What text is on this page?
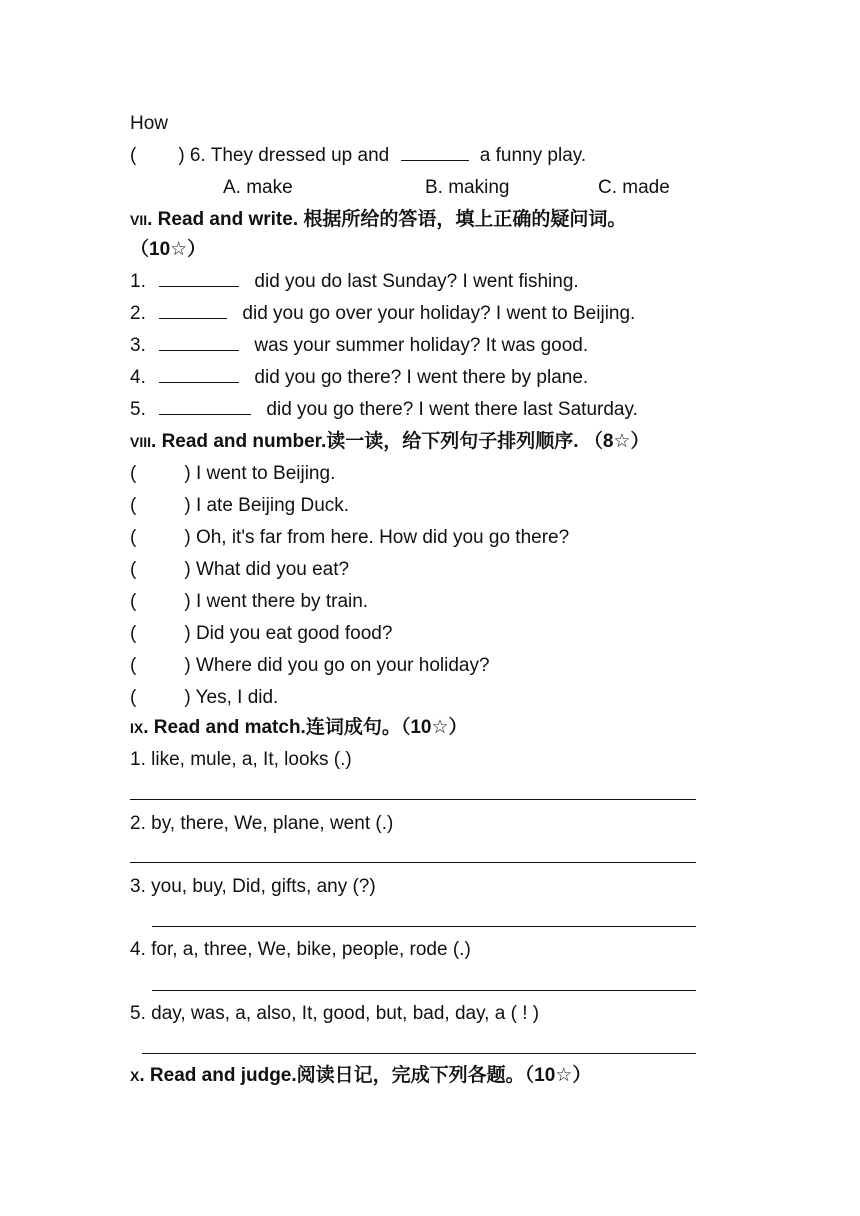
How
( ) 6. They dressed up and	a funny play.
A. make	B. making	C. made
VII. Read and write. 根据所给的答语，填上正确的疑问词。
（10☆）
1.	did you do last Sunday? I went fishing.
2.	did you go over your holiday? I went to Beijing.
3.	was your summer holiday? It was good.
4.	did you go there? I went there by plane.
5.	did you go there? I went there last Saturday.
VIII. Read and number.读一读，给下列句子排列顺序. （8☆）
(	) I went to Beijing.
(	) I ate Beijing Duck.
(	) Oh, it's far from here. How did you go there?
(	) What did you eat?
(	) I went there by train.
(	) Did you eat good food?
(	) Where did you go on your holiday?
(	) Yes, I did.
IX. Read and match.连词成句。（10☆）
1. like, mule, a, It, looks (.)
2. by, there, We, plane, went (.)
3. you, buy, Did, gifts, any (?)
4. for, a, three, We, bike, people, rode (.)
5. day, was, a, also, It, good, but, bad, day, a ( ! )
X. Read and judge.阅读日记，完成下列各题。（10☆）
